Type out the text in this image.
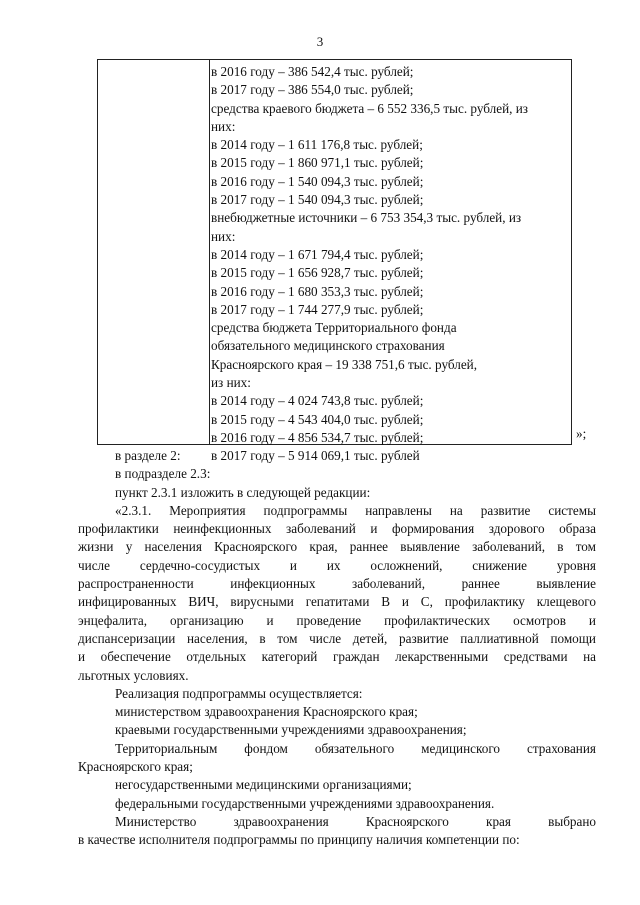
3
в 2016 году – 386 542,4 тыс. рублей;
в 2017 году – 386 554,0 тыс. рублей;
средства краевого бюджета – 6 552 336,5 тыс. рублей, из
них:
в 2014 году – 1 611 176,8 тыс. рублей;
в 2015 году – 1 860 971,1 тыс. рублей;
в 2016 году – 1 540 094,3 тыс. рублей;
в 2017 году – 1 540 094,3 тыс. рублей;
внебюджетные источники – 6 753 354,3 тыс. рублей, из
них:
в 2014 году – 1 671 794,4 тыс. рублей;
в 2015 году – 1 656 928,7 тыс. рублей;
в 2016 году – 1 680 353,3 тыс. рублей;
в 2017 году – 1 744 277,9 тыс. рублей;
средства бюджета Территориального фонда
обязательного медицинского страхования
Красноярского края – 19 338 751,6 тыс. рублей,
из них:
в 2014 году – 4 024 743,8 тыс. рублей;
в 2015 году – 4 543 404,0 тыс. рублей;
в 2016 году – 4 856 534,7 тыс. рублей;
в 2017 году – 5 914 069,1 тыс. рублей
»;
в разделе 2:
в подразделе 2.3:
пункт 2.3.1 изложить в следующей редакции:
«2.3.1. Мероприятия подпрограммы направлены на развитие системы
профилактики неинфекционных заболеваний и формирования здорового образа
жизни у населения Красноярского края, раннее выявление заболеваний, в том
числе сердечно-сосудистых и их осложнений, снижение уровня
распространенности инфекционных заболеваний, раннее выявление
инфицированных ВИЧ, вирусными гепатитами В и С, профилактику клещевого
энцефалита, организацию и проведение профилактических осмотров и
диспансеризации населения, в том числе детей, развитие паллиативной помощи
и обеспечение отдельных категорий граждан лекарственными средствами на
льготных условиях.
Реализация подпрограммы осуществляется:
министерством здравоохранения Красноярского края;
краевыми государственными учреждениями здравоохранения;
Территориальным фондом обязательного медицинского страхования
Красноярского края;
негосударственными медицинскими организациями;
федеральными государственными учреждениями здравоохранения.
Министерство здравоохранения Красноярского края выбрано
в качестве исполнителя подпрограммы по принципу наличия компетенции по:
